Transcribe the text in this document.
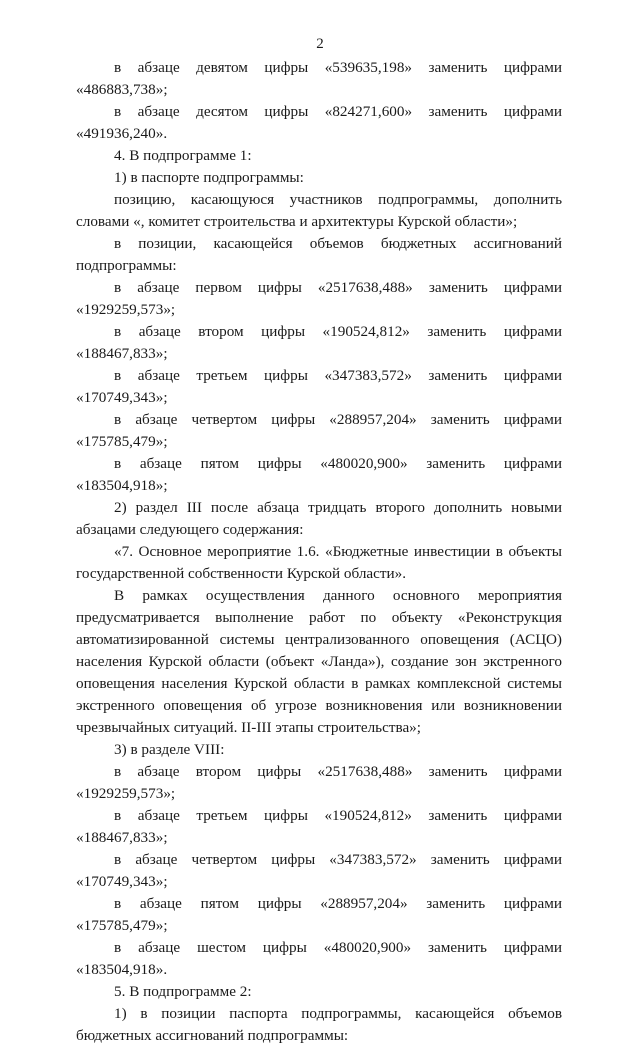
2
в абзаце девятом цифры «539635,198» заменить цифрами
«486883,738»;
в абзаце десятом цифры «824271,600» заменить цифрами
«491936,240».
4. В подпрограмме 1:
1) в паспорте подпрограммы:
позицию, касающуюся участников подпрограммы, дополнить
словами «, комитет строительства и архитектуры Курской области»;
в позиции, касающейся объемов бюджетных ассигнований
подпрограммы:
в абзаце первом цифры «2517638,488» заменить цифрами
«1929259,573»;
в абзаце втором цифры «190524,812» заменить цифрами
«188467,833»;
в абзаце третьем цифры «347383,572» заменить цифрами
«170749,343»;
в абзаце четвертом цифры «288957,204» заменить цифрами
«175785,479»;
в абзаце пятом цифры «480020,900» заменить цифрами
«183504,918»;
2) раздел III после абзаца тридцать второго дополнить новыми
абзацами следующего содержания:
«7. Основное мероприятие 1.6. «Бюджетные инвестиции в объекты
государственной собственности Курской области».
В рамках осуществления данного основного мероприятия
предусматривается выполнение работ по объекту «Реконструкция
автоматизированной системы централизованного оповещения (АСЦО)
населения Курской области (объект «Ланда»), создание зон экстренного
оповещения населения Курской области в рамках комплексной системы
экстренного оповещения об угрозе возникновения или возникновении
чрезвычайных ситуаций. II-III этапы строительства»;
3) в разделе VIII:
в абзаце втором цифры «2517638,488» заменить цифрами
«1929259,573»;
в абзаце третьем цифры «190524,812» заменить цифрами
«188467,833»;
в абзаце четвертом цифры «347383,572» заменить цифрами
«170749,343»;
в абзаце пятом цифры «288957,204» заменить цифрами
«175785,479»;
в абзаце шестом цифры «480020,900» заменить цифрами
«183504,918».
5. В подпрограмме 2:
1) в позиции паспорта подпрограммы, касающейся объемов
бюджетных ассигнований подпрограммы:
